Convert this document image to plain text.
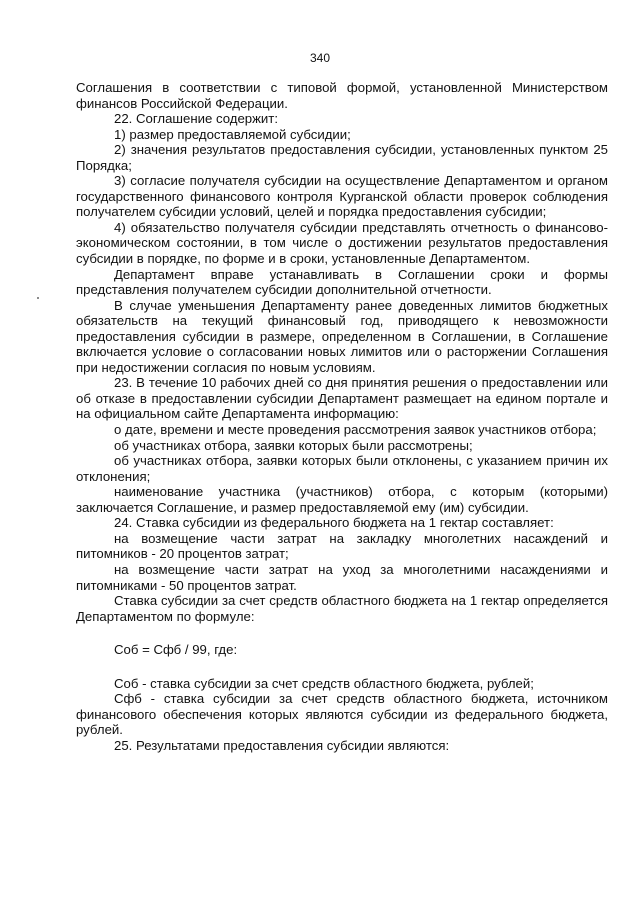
340

Соглашения в соответствии с типовой формой, установленной Министерством финансов Российской Федерации.

22. Соглашение содержит:

1) размер предоставляемой субсидии;

2) значения результатов предоставления субсидии, установленных пунктом 25 Порядка;

3) согласие получателя субсидии на осуществление Департаментом и органом государственного финансового контроля Курганской области проверок соблюдения получателем субсидии условий, целей и порядка предоставления субсидии;

4) обязательство получателя субсидии представлять отчетность о финансово-экономическом состоянии, в том числе о достижении результатов предоставления субсидии в порядке, по форме и в сроки, установленные Департаментом.

Департамент вправе устанавливать в Соглашении сроки и формы представления получателем субсидии дополнительной отчетности.

В случае уменьшения Департаменту ранее доведенных лимитов бюджетных обязательств на текущий финансовый год, приводящего к невозможности предоставления субсидии в размере, определенном в Соглашении, в Соглашение включается условие о согласовании новых лимитов или о расторжении Соглашения при недостижении согласия по новым условиям.

23. В течение 10 рабочих дней со дня принятия решения о предоставлении или об отказе в предоставлении субсидии Департамент размещает на едином портале и на официальном сайте Департамента информацию:

о дате, времени и месте проведения рассмотрения заявок участников отбора;

об участниках отбора, заявки которых были рассмотрены;

об участниках отбора, заявки которых были отклонены, с указанием причин их отклонения;

наименование участника (участников) отбора, с которым (которыми) заключается Соглашение, и размер предоставляемой ему (им) субсидии.

24. Ставка субсидии из федерального бюджета на 1 гектар составляет:

на возмещение части затрат на закладку многолетних насаждений и питомников - 20 процентов затрат;

на возмещение части затрат на уход за многолетними насаждениями и питомниками - 50 процентов затрат.

Ставка субсидии за счет средств областного бюджета на 1 гектар определяется Департаментом по формуле:

Соб = Сфб / 99, где:

Соб - ставка субсидии за счет средств областного бюджета, рублей;

Сфб - ставка субсидии за счет средств областного бюджета, источником финансового обеспечения которых являются субсидии из федерального бюджета, рублей.

25. Результатами предоставления субсидии являются:
